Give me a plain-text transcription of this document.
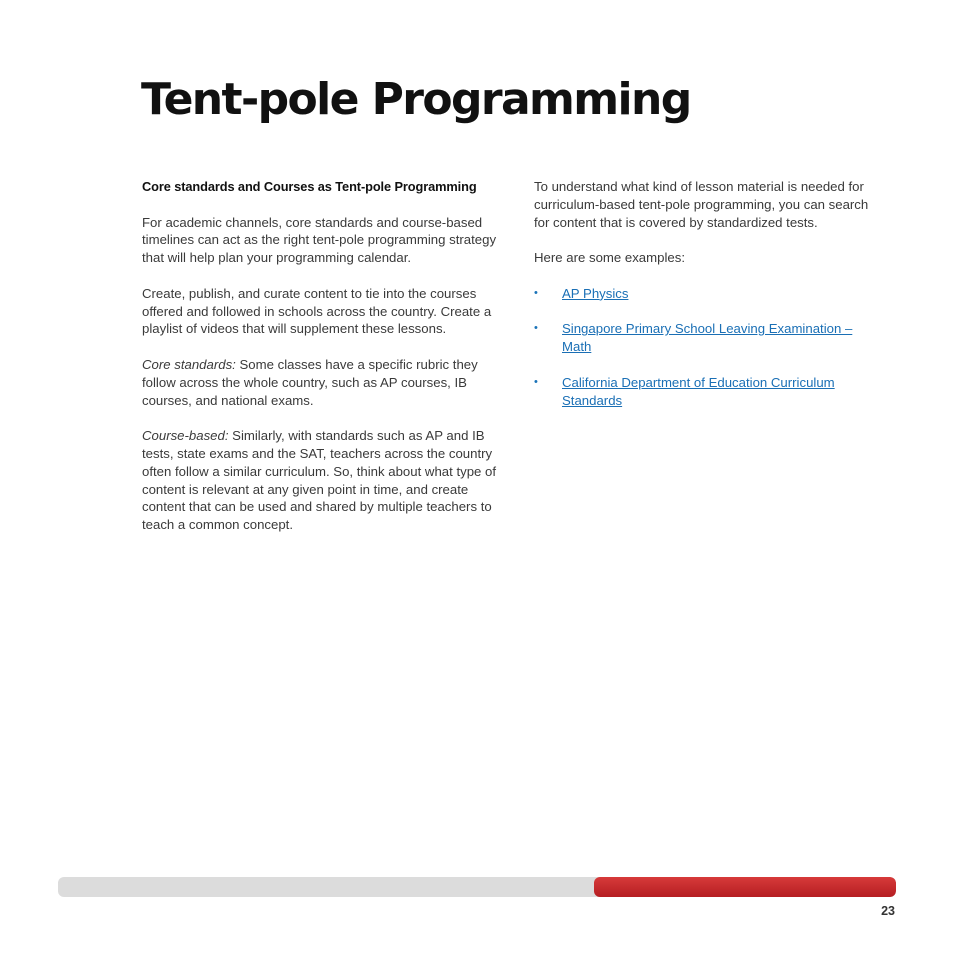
Tent-pole Programming

Core standards and Courses as Tent-pole Programming

For academic channels, core standards and course-based timelines can act as the right tent-pole programming strategy that will help plan your programming calendar.

Create, publish, and curate content to tie into the courses offered and followed in schools across the country. Create a playlist of videos that will supplement these lessons.

Core standards: Some classes have a specific rubric they follow across the whole country, such as AP courses, IB courses, and national exams.

Course-based: Similarly, with standards such as AP and IB tests, state exams and the SAT, teachers across the country often follow a similar curriculum. So, think about what type of content is relevant at any given point in time, and create content that can be used and shared by multiple teachers to teach a common concept.

To understand what kind of lesson material is needed for curriculum-based tent-pole programming, you can search for content that is covered by standardized tests.

Here are some examples:

• AP Physics
• Singapore Primary School Leaving Examination – Math
• California Department of Education Curriculum Standards
23
